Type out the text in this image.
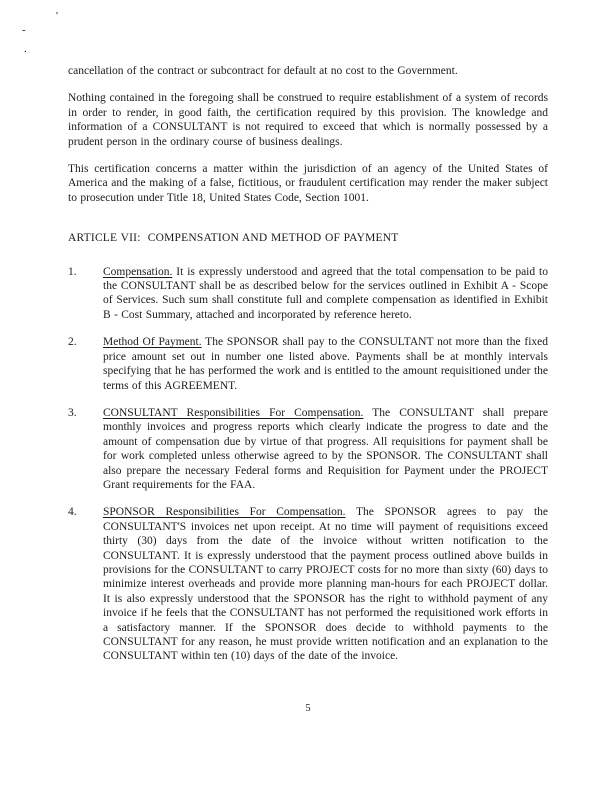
'
-
.

cancellation of the contract or subcontract for default at no cost to the Government.

Nothing contained in the foregoing shall be construed to require establishment of a system of records in order to render, in good faith, the certification required by this provision. The knowledge and information of a CONSULTANT is not required to exceed that which is normally possessed by a prudent person in the ordinary course of business dealings.

This certification concerns a matter within the jurisdiction of an agency of the United States of America and the making of a false, fictitious, or fraudulent certification may render the maker subject to prosecution under Title 18, United States Code, Section 1001.

ARTICLE VII:  COMPENSATION AND METHOD OF PAYMENT
1.	Compensation. It is expressly understood and agreed that the total compensation to be paid to the CONSULTANT shall be as described below for the services outlined in Exhibit A - Scope of Services. Such sum shall constitute full and complete compensation as identified in Exhibit B - Cost Summary, attached and incorporated by reference hereto.
2.	Method Of Payment. The SPONSOR shall pay to the CONSULTANT not more than the fixed price amount set out in number one listed above. Payments shall be at monthly intervals specifying that he has performed the work and is entitled to the amount requisitioned under the terms of this AGREEMENT.
3.	CONSULTANT Responsibilities For Compensation. The CONSULTANT shall prepare monthly invoices and progress reports which clearly indicate the progress to date and the amount of compensation due by virtue of that progress. All requisitions for payment shall be for work completed unless otherwise agreed to by the SPONSOR. The CONSULTANT shall also prepare the necessary Federal forms and Requisition for Payment under the PROJECT Grant requirements for the FAA.
4.	SPONSOR Responsibilities For Compensation. The SPONSOR agrees to pay the CONSULTANT'S invoices net upon receipt. At no time will payment of requisitions exceed thirty (30) days from the date of the invoice without written notification to the CONSULTANT. It is expressly understood that the payment process outlined above builds in provisions for the CONSULTANT to carry PROJECT costs for no more than sixty (60) days to minimize interest overheads and provide more planning man-hours for each PROJECT dollar. It is also expressly understood that the SPONSOR has the right to withhold payment of any invoice if he feels that the CONSULTANT has not performed the requisitioned work efforts in a satisfactory manner. If the SPONSOR does decide to withhold payments to the CONSULTANT for any reason, he must provide written notification and an explanation to the CONSULTANT within ten (10) days of the date of the invoice.
5
